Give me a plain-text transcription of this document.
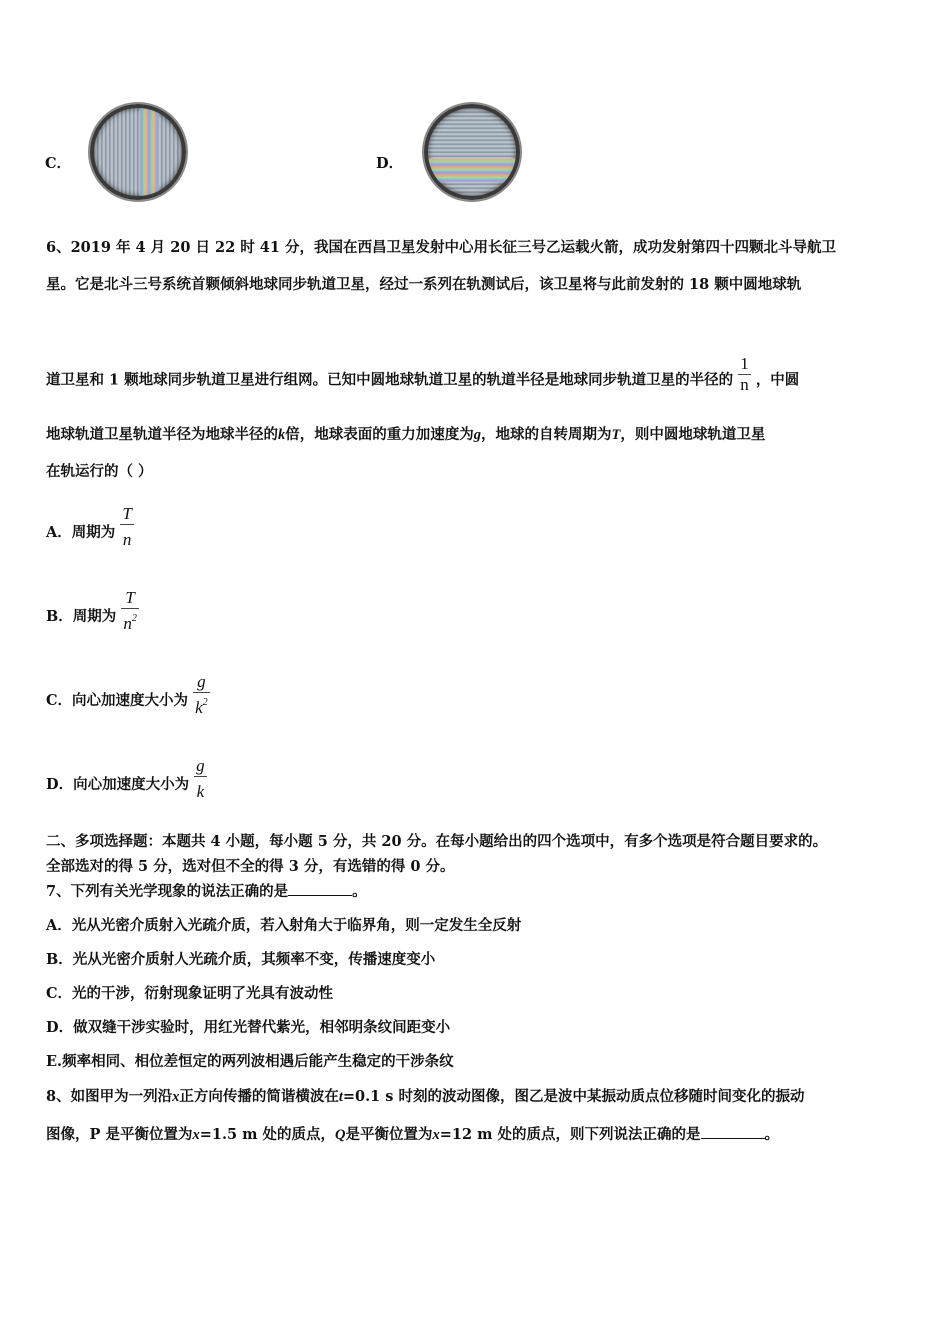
C．	D．
6、2019 年 4 月 20 日 22 时 41 分，我国在西昌卫星发射中心用长征三号乙运载火箭，成功发射第四十四颗北斗导航卫
星。它是北斗三号系统首颗倾斜地球同步轨道卫星，经过一系列在轨测试后，该卫星将与此前发射的 18 颗中圆地球轨
道卫星和 1 颗地球同步轨道卫星进行组网。已知中圆地球轨道卫星的轨道半径是地球同步轨道卫星的半径的 $\frac{1}{n}$ ，中圆
地球轨道卫星轨道半径为地球半径的k倍，地球表面的重力加速度为g，地球的自转周期为T，则中圆地球轨道卫星
在轨运行的（ ）
A．周期为 $\frac{T}{n}$
B．周期为 $\frac{T}{n^2}$
C．向心加速度大小为 $\frac{g}{k^2}$
D．向心加速度大小为 $\frac{g}{k}$
二、多项选择题：本题共 4 小题，每小题 5 分，共 20 分。在每小题给出的四个选项中，有多个选项是符合题目要求的。
全部选对的得 5 分，选对但不全的得 3 分，有选错的得 0 分。
7、下列有关光学现象的说法正确的是	。
A．光从光密介质射入光疏介质，若入射角大于临界角，则一定发生全反射
B．光从光密介质射人光疏介质，其频率不变，传播速度变小
C．光的干涉，衍射现象证明了光具有波动性
D．做双缝干涉实验时，用红光替代紫光，相邻明条纹间距变小
E.频率相同、相位差恒定的两列波相遇后能产生稳定的干涉条纹
8、如图甲为一列沿x正方向传播的简谐横波在t=0.1 s 时刻的波动图像，图乙是波中某振动质点位移随时间变化的振动
图像，P 是平衡位置为x=1.5 m 处的质点，Q是平衡位置为x=12 m 处的质点，则下列说法正确的是	。
